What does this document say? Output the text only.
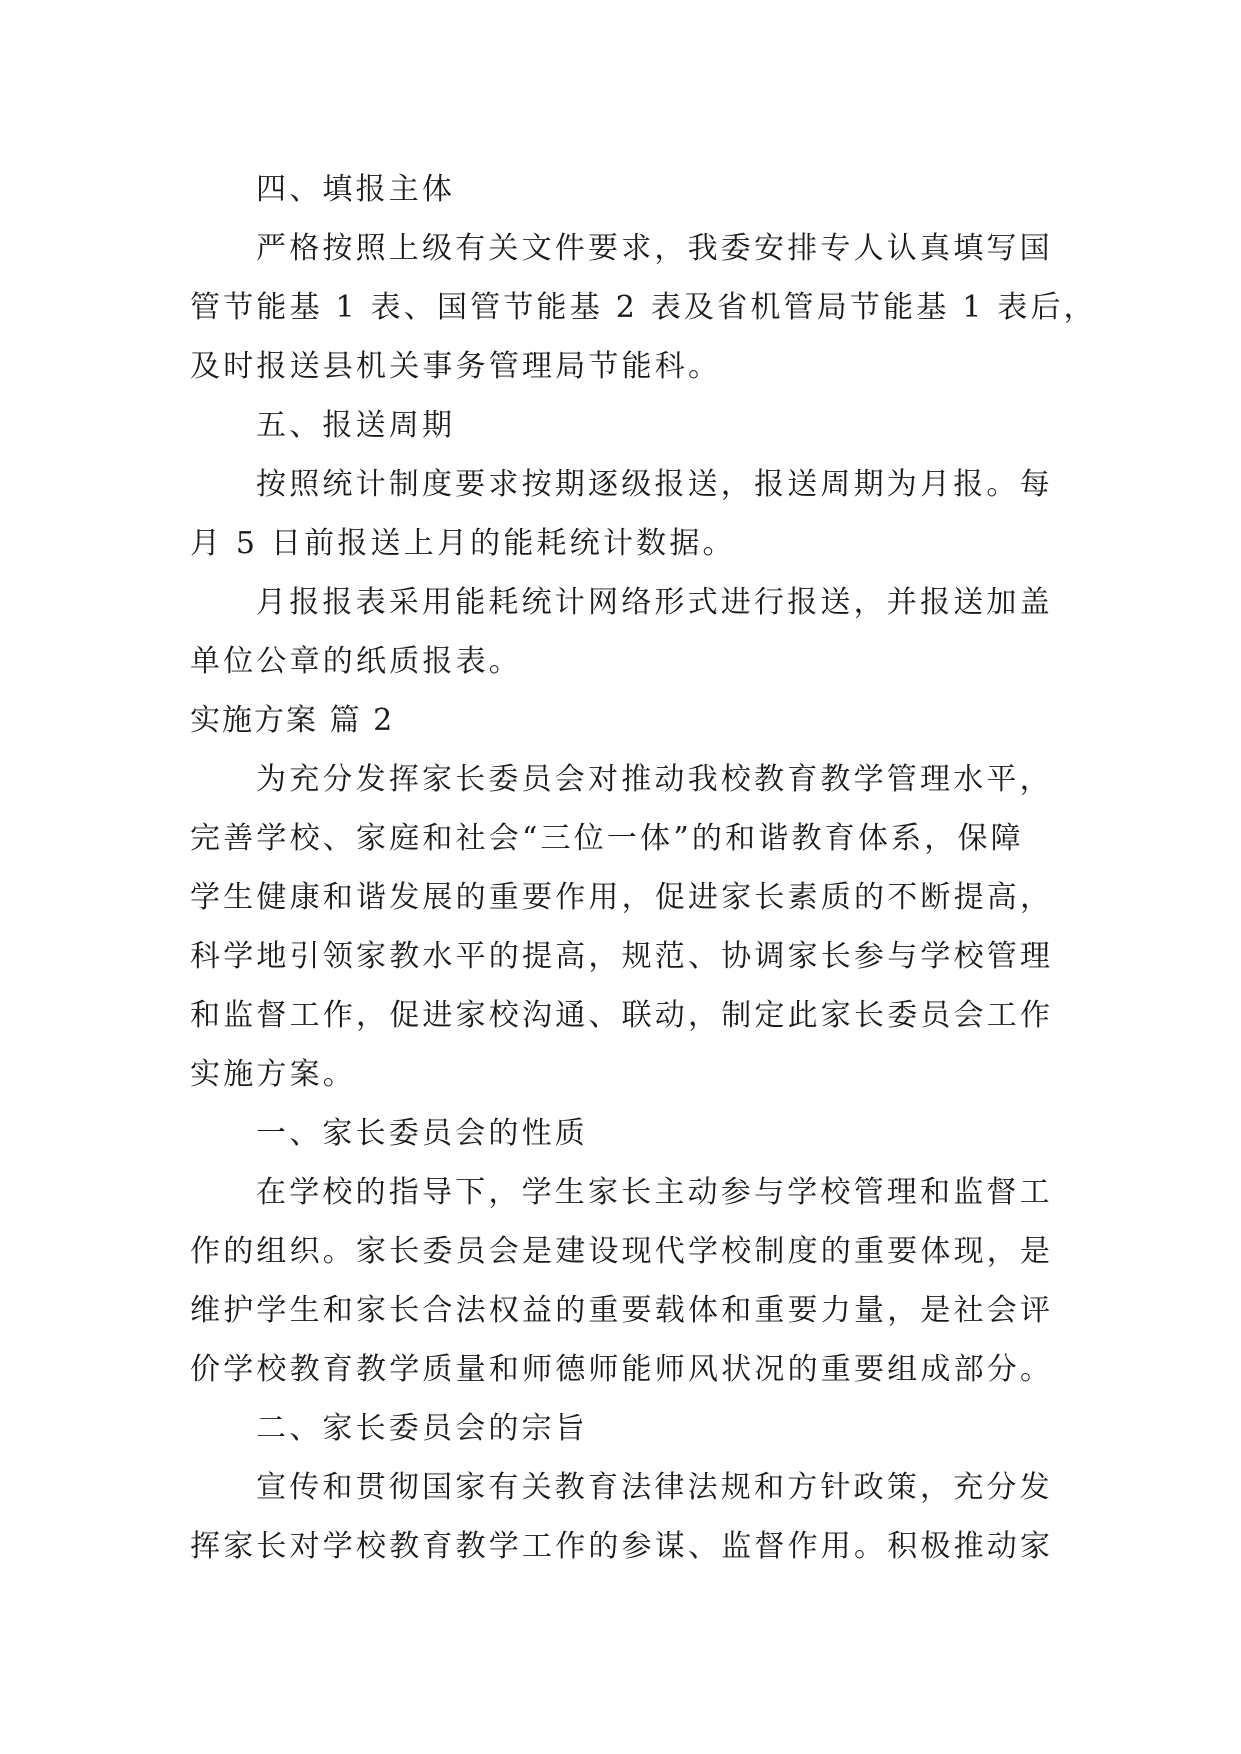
四、填报主体
严格按照上级有关文件要求，我委安排专人认真填写国
管节能基 1 表、国管节能基 2 表及省机管局节能基 1 表后，
及时报送县机关事务管理局节能科。
五、报送周期
按照统计制度要求按期逐级报送，报送周期为月报。每
月 5 日前报送上月的能耗统计数据。
月报报表采用能耗统计网络形式进行报送，并报送加盖
单位公章的纸质报表。
实施方案 篇 2
为充分发挥家长委员会对推动我校教育教学管理水平，
完善学校、家庭和社会“三位一体”的和谐教育体系，保障
学生健康和谐发展的重要作用，促进家长素质的不断提高，
科学地引领家教水平的提高，规范、协调家长参与学校管理
和监督工作，促进家校沟通、联动，制定此家长委员会工作
实施方案。
一、家长委员会的性质
在学校的指导下，学生家长主动参与学校管理和监督工
作的组织。家长委员会是建设现代学校制度的重要体现，是
维护学生和家长合法权益的重要载体和重要力量，是社会评
价学校教育教学质量和师德师能师风状况的重要组成部分。
二、家长委员会的宗旨
宣传和贯彻国家有关教育法律法规和方针政策，充分发
挥家长对学校教育教学工作的参谋、监督作用。积极推动家
